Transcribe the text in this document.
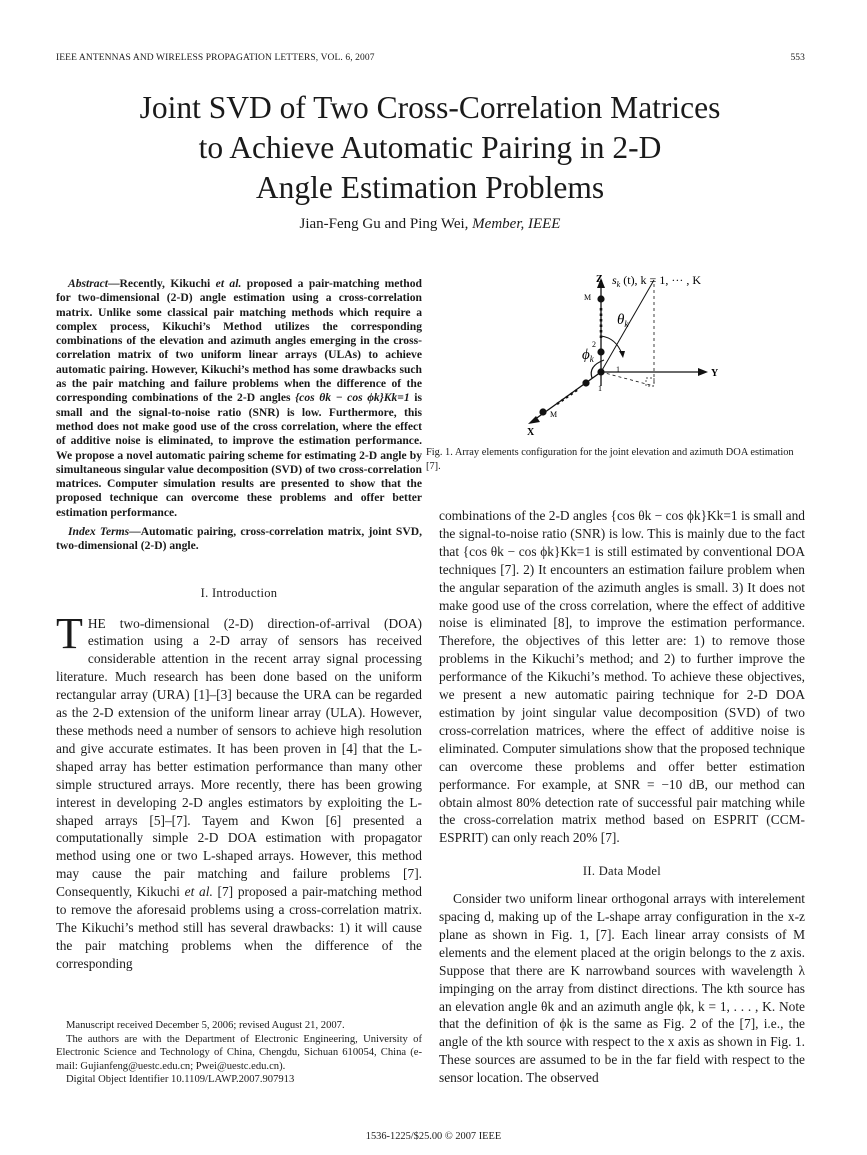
IEEE ANTENNAS AND WIRELESS PROPAGATION LETTERS, VOL. 6, 2007	553
Joint SVD of Two Cross-Correlation Matrices
to Achieve Automatic Pairing in 2-D
Angle Estimation Problems
Jian-Feng Gu and Ping Wei, Member, IEEE

Abstract—Recently, Kikuchi et al. proposed a pair-matching method for two-dimensional (2-D) angle estimation using a cross-correlation matrix. Unlike some classical pair matching methods which require a complex process, Kikuchi’s Method utilizes the corresponding combinations of the elevation and azimuth angles emerging in the cross-correlation matrix of two uniform linear arrays (ULAs) to achieve automatic pairing. However, Kikuchi’s method has some drawbacks such as the pair matching and failure problems when the difference of the corresponding combinations of the 2-D angles {cos θk − cos ϕk}Kk=1 is small and the signal-to-noise ratio (SNR) is low. Furthermore, this method does not make good use of the cross correlation, where the effect of additive noise is eliminated, to improve the estimation performance. We propose a novel automatic pairing scheme for estimating 2-D angle by simultaneous singular value decomposition (SVD) of two cross-correlation matrices. Computer simulation results are presented to show that the proposed technique can overcome these problems and offer better estimation performance.

Index Terms—Automatic pairing, cross-correlation matrix, joint SVD, two-dimensional (2-D) angle.

I. Introduction

THE two-dimensional (2-D) direction-of-arrival (DOA) estimation using a 2-D array of sensors has received considerable attention in the recent array signal processing literature. Much research has been done based on the uniform rectangular array (URA) [1]–[3] because the URA can be regarded as the 2-D extension of the uniform linear array (ULA). However, these methods need a number of sensors to achieve high resolution and give accurate estimates. It has been proven in [4] that the L-shaped array has better estimation performance than many other simple structured arrays. More recently, there has been growing interest in developing 2-D angles estimators by exploiting the L-shaped arrays [5]–[7]. Tayem and Kwon [6] presented a computationally simple 2-D DOA estimation with propagator method using one or two L-shaped arrays. However, this method may cause the pair matching and failure problems [7]. Consequently, Kikuchi et al. [7] proposed a pair-matching method to remove the aforesaid problems using a cross-correlation matrix. The Kikuchi’s method still has several drawbacks: 1) it will cause the pair matching problems when the difference of the corresponding

Manuscript received December 5, 2006; revised August 21, 2007.

The authors are with the Department of Electronic Engineering, University of Electronic Science and Technology of China, Chengdu, Sichuan 610054, China (e-mail: Gujianfeng@uestc.edu.cn; Pwei@uestc.edu.cn).

Digital Object Identifier 10.1109/LAWP.2007.907913

Z
Y
X
$s_k$ (t), k = 1, ··· , K
M
2
1
1
M
$\theta_k$
$\phi_k$
Fig. 1. Array elements configuration for the joint elevation and azimuth DOA estimation [7].

combinations of the 2-D angles {cos θk − cos ϕk}Kk=1 is small and the signal-to-noise ratio (SNR) is low. This is mainly due to the fact that {cos θk − cos ϕk}Kk=1 is still estimated by conventional DOA techniques [7]. 2) It encounters an estimation failure problem when the angular separation of the azimuth angles is small. 3) It does not make good use of the cross correlation, where the effect of additive noise is eliminated [8], to improve the estimation performance. Therefore, the objectives of this letter are: 1) to remove those problems in the Kikuchi’s method; and 2) to further improve the performance of the Kikuchi’s method. To achieve these objectives, we present a new automatic pairing technique for 2-D DOA estimation by joint singular value decomposition (SVD) of two cross-correlation matrices, where the effect of additive noise is eliminated. Computer simulations show that the proposed technique can overcome these problems and offer better estimation performance. For example, at SNR = −10 dB, our method can obtain almost 80% detection rate of successful pair matching while the cross-correlation matrix method based on ESPRIT (CCM-ESPRIT) can only reach 20% [7].

II. Data Model

Consider two uniform linear orthogonal arrays with interelement spacing d, making up of the L-shape array configuration in the x-z plane as shown in Fig. 1, [7]. Each linear array consists of M elements and the element placed at the origin belongs to the z axis. Suppose that there are K narrowband sources with wavelength λ impinging on the array from distinct directions. The kth source has an elevation angle θk and an azimuth angle ϕk, k = 1, . . . , K. Note that the definition of ϕk is the same as Fig. 2 of the [7], i.e., the angle of the kth source with respect to the x axis as shown in Fig. 1. These sources are assumed to be in the far field with respect to the sensor location. The observed

1536-1225/$25.00 © 2007 IEEE
